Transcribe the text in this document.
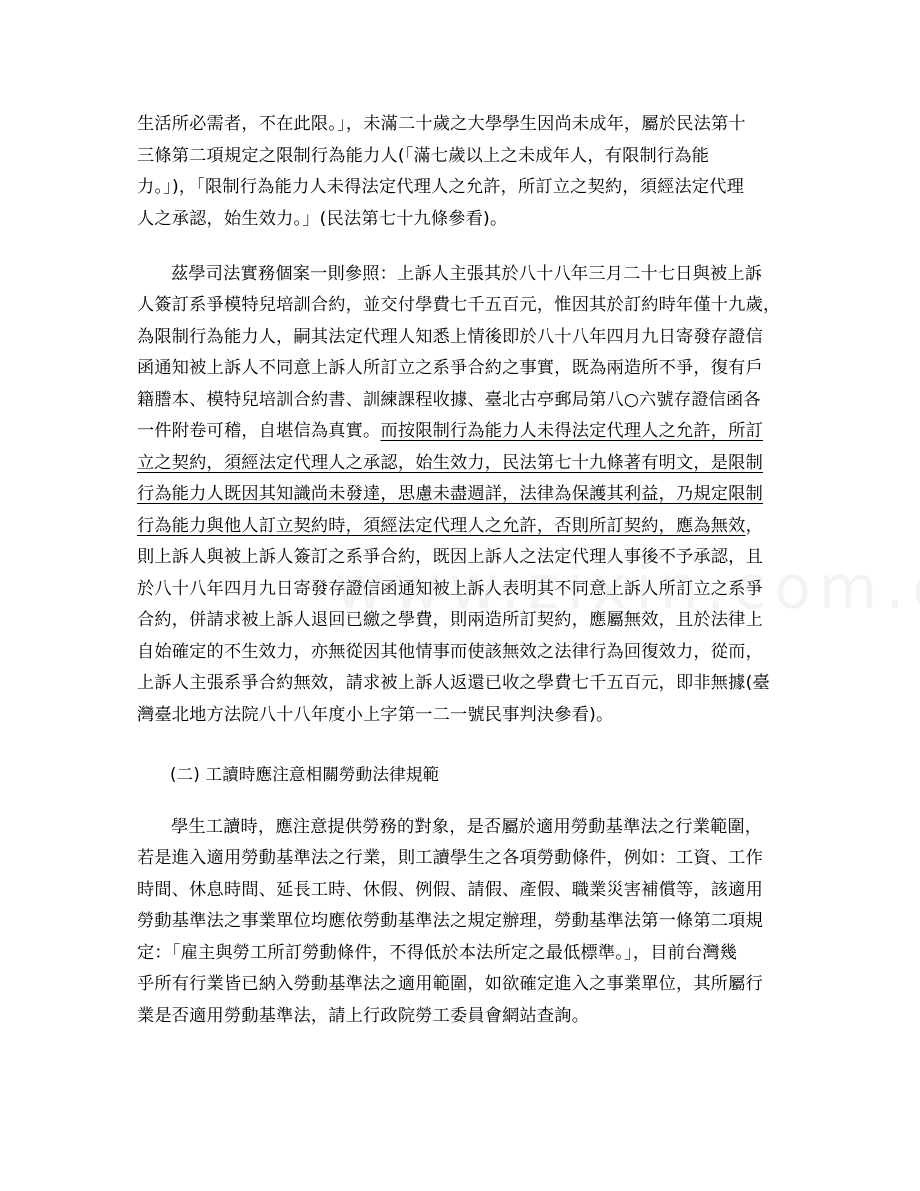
生活所必需者，不在此限。」，未滿二十歲之大學學生因尚未成年，屬於民法第十
三條第二項規定之限制行為能力人(「滿七歲以上之未成年人，有限制行為能
力。」)，「限制行為能力人未得法定代理人之允許，所訂立之契約，須經法定代理
人之承認，始生效力。」(民法第七十九條參看)。
茲學司法實務個案一則參照：上訴人主張其於八十八年三月二十七日與被上訴
人簽訂系爭模特兒培訓合約，並交付學費七千五百元，惟因其於訂約時年僅十九歲，
為限制行為能力人，嗣其法定代理人知悉上情後即於八十八年四月九日寄發存證信
函通知被上訴人不同意上訴人所訂立之系爭合約之事實，既為兩造所不爭，復有戶
籍謄本、模特兒培訓合約書、訓練課程收據、臺北古亭郵局第八○六號存證信函各
一件附卷可稽，自堪信為真實。而按限制行為能力人未得法定代理人之允許，所訂
立之契約，須經法定代理人之承認，始生效力，民法第七十九條著有明文，是限制
行為能力人既因其知識尚未發達，思慮未盡週詳，法律為保護其利益，乃規定限制
行為能力與他人訂立契約時，須經法定代理人之允許，否則所訂契約，應為無效，
則上訴人與被上訴人簽訂之系爭合約，既因上訴人之法定代理人事後不予承認，且
於八十八年四月九日寄發存證信函通知被上訴人表明其不同意上訴人所訂立之系爭
合約，併請求被上訴人退回已繳之學費，則兩造所訂契約，應屬無效，且於法律上
自始確定的不生效力，亦無從因其他情事而使該無效之法律行為回復效力，從而，
上訴人主張系爭合約無效，請求被上訴人返還已收之學費七千五百元，即非無據(臺
灣臺北地方法院八十八年度小上字第一二一號民事判決參看)。
(二) 工讀時應注意相關勞動法律規範
學生工讀時，應注意提供勞務的對象，是否屬於適用勞動基準法之行業範圍，
若是進入適用勞動基準法之行業，則工讀學生之各項勞動條件，例如：工資、工作
時間、休息時間、延長工時、休假、例假、請假、產假、職業災害補償等，該適用
勞動基準法之事業單位均應依勞動基準法之規定辦理，勞動基準法第一條第二項規
定：「雇主與勞工所訂勞動條件，不得低於本法所定之最低標準。」，目前台灣幾
乎所有行業皆已納入勞動基準法之適用範圍，如欲確定進入之事業單位，其所屬行
業是否適用勞動基準法，請上行政院勞工委員會網站查詢。
